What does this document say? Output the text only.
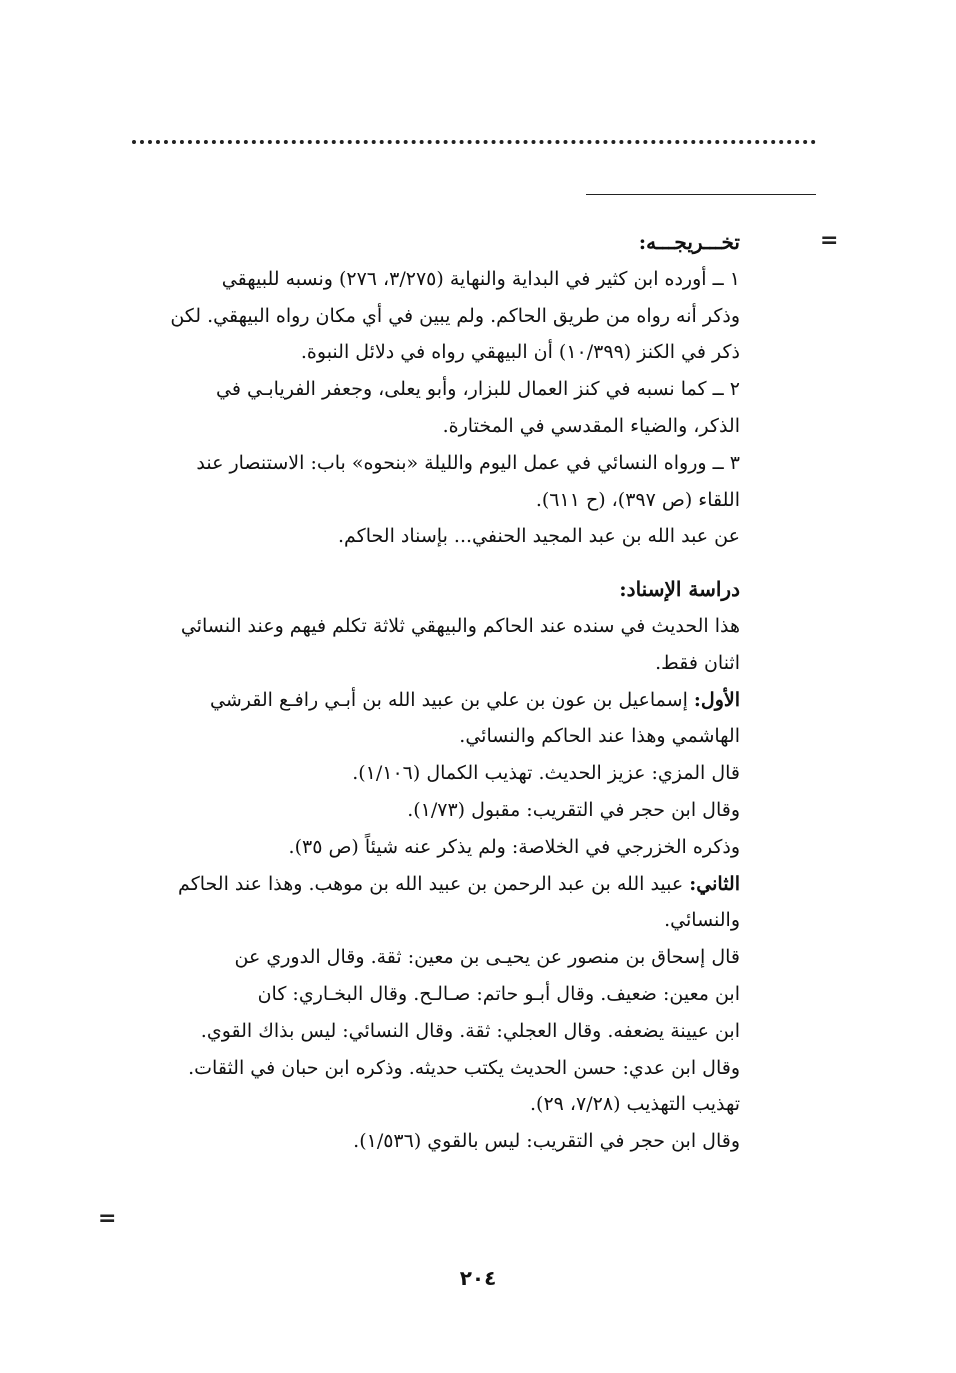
=

تخـــريجـــه:

١ ــ أورده ابن كثير في البداية والنهاية (٣/٢٧٥، ٢٧٦) ونسبه للبيهقي

وذكر أنه رواه من طريق الحاكم. ولم يبين في أي مكان رواه البيهقي. لكن

ذكر في الكنز (١٠/٣٩٩) أن البيهقي رواه في دلائل النبوة.

٢ ــ كما نسبه في كنز العمال للبزار، وأبو يعلى، وجعفر الفريابـي في

الذكر، والضياء المقدسي في المختارة.

٣ ــ ورواه النسائي في عمل اليوم والليلة «بنحوه» باب: الاستنصار عند

اللقاء (ص ٣٩٧)، (ح ٦١١).

عن عبد الله بن عبد المجيد الحنفي... بإسناد الحاكم.

دراسة الإسناد:

هذا الحديث في سنده عند الحاكم والبيهقي ثلاثة تكلم فيهم وعند النسائي

اثنان فقط.

الأول: إسماعيل بن عون بن علي بن عبيد الله بن أبـي رافـع القرشي

الهاشمي وهذا عند الحاكم والنسائي.

قال المزي: عزيز الحديث. تهذيب الكمال (١/١٠٦).

وقال ابن حجر في التقريب: مقبول (١/٧٣).

وذكره الخزرجي في الخلاصة: ولم يذكر عنه شيئاً (ص ٣٥).

الثاني: عبيد الله بن عبد الرحمن بن عبيد الله بن موهب. وهذا عند الحاكم

والنسائي.

قال إسحاق بن منصور عن يحيـى بن معين: ثقة. وقال الدوري عن

ابن معين: ضعيف. وقال أبـو حاتم: صـالـح. وقال البخـاري: كان

ابن عيينة يضعفه. وقال العجلي: ثقة. وقال النسائي: ليس بذاك القوي.

وقال ابن عدي: حسن الحديث يكتب حديثه. وذكره ابن حبان في الثقات.

تهذيب التهذيب (٧/٢٨، ٢٩).

وقال ابن حجر في التقريب: ليس بالقوي (١/٥٣٦).

=
٢٠٤
